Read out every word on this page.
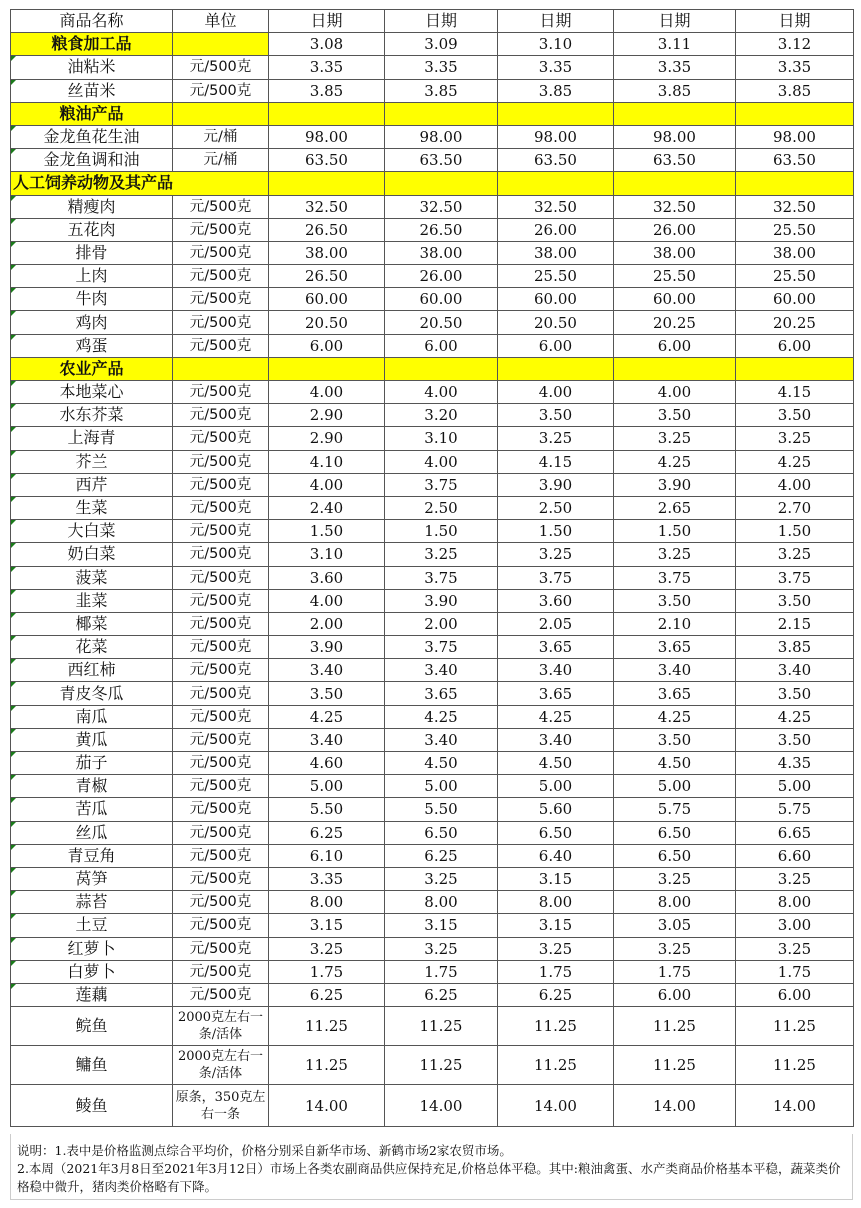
商品名称	单位	日期	日期	日期	日期	日期
粮食加工品		3.08	3.09	3.10	3.11	3.12
油粘米	元/500克	3.35	3.35	3.35	3.35	3.35
丝苗米	元/500克	3.85	3.85	3.85	3.85	3.85
粮油产品						
金龙鱼花生油	元/桶	98.00	98.00	98.00	98.00	98.00
金龙鱼调和油	元/桶	63.50	63.50	63.50	63.50	63.50
人工饲养动物及其产品						
精瘦肉	元/500克	32.50	32.50	32.50	32.50	32.50
五花肉	元/500克	26.50	26.50	26.00	26.00	25.50
排骨	元/500克	38.00	38.00	38.00	38.00	38.00
上肉	元/500克	26.50	26.00	25.50	25.50	25.50
牛肉	元/500克	60.00	60.00	60.00	60.00	60.00
鸡肉	元/500克	20.50	20.50	20.50	20.25	20.25
鸡蛋	元/500克	6.00	6.00	6.00	6.00	6.00
农业产品						
本地菜心	元/500克	4.00	4.00	4.00	4.00	4.15
水东芥菜	元/500克	2.90	3.20	3.50	3.50	3.50
上海青	元/500克	2.90	3.10	3.25	3.25	3.25
芥兰	元/500克	4.10	4.00	4.15	4.25	4.25
西芹	元/500克	4.00	3.75	3.90	3.90	4.00
生菜	元/500克	2.40	2.50	2.50	2.65	2.70
大白菜	元/500克	1.50	1.50	1.50	1.50	1.50
奶白菜	元/500克	3.10	3.25	3.25	3.25	3.25
菠菜	元/500克	3.60	3.75	3.75	3.75	3.75
韭菜	元/500克	4.00	3.90	3.60	3.50	3.50
椰菜	元/500克	2.00	2.00	2.05	2.10	2.15
花菜	元/500克	3.90	3.75	3.65	3.65	3.85
西红柿	元/500克	3.40	3.40	3.40	3.40	3.40
青皮冬瓜	元/500克	3.50	3.65	3.65	3.65	3.50
南瓜	元/500克	4.25	4.25	4.25	4.25	4.25
黄瓜	元/500克	3.40	3.40	3.40	3.50	3.50
茄子	元/500克	4.60	4.50	4.50	4.50	4.35
青椒	元/500克	5.00	5.00	5.00	5.00	5.00
苦瓜	元/500克	5.50	5.50	5.60	5.75	5.75
丝瓜	元/500克	6.25	6.50	6.50	6.50	6.65
青豆角	元/500克	6.10	6.25	6.40	6.50	6.60
莴笋	元/500克	3.35	3.25	3.15	3.25	3.25
蒜苔	元/500克	8.00	8.00	8.00	8.00	8.00
土豆	元/500克	3.15	3.15	3.15	3.05	3.00
红萝卜	元/500克	3.25	3.25	3.25	3.25	3.25
白萝卜	元/500克	1.75	1.75	1.75	1.75	1.75
莲藕	元/500克	6.25	6.25	6.25	6.00	6.00
鲩鱼	2000克左右一条/活体	11.25	11.25	11.25	11.25	11.25
鳙鱼	2000克左右一条/活体	11.25	11.25	11.25	11.25	11.25
鲮鱼	原条，350克左右一条	14.00	14.00	14.00	14.00	14.00

说明：1.表中是价格监测点综合平均价，价格分别采自新华市场、新鹤市场2家农贸市场。

2.本周（2021年3月8日至2021年3月12日）市场上各类农副商品供应保持充足,价格总体平稳。其中:粮油禽蛋、水产类商品价格基本平稳，蔬菜类价格稳中微升，猪肉类价格略有下降。
